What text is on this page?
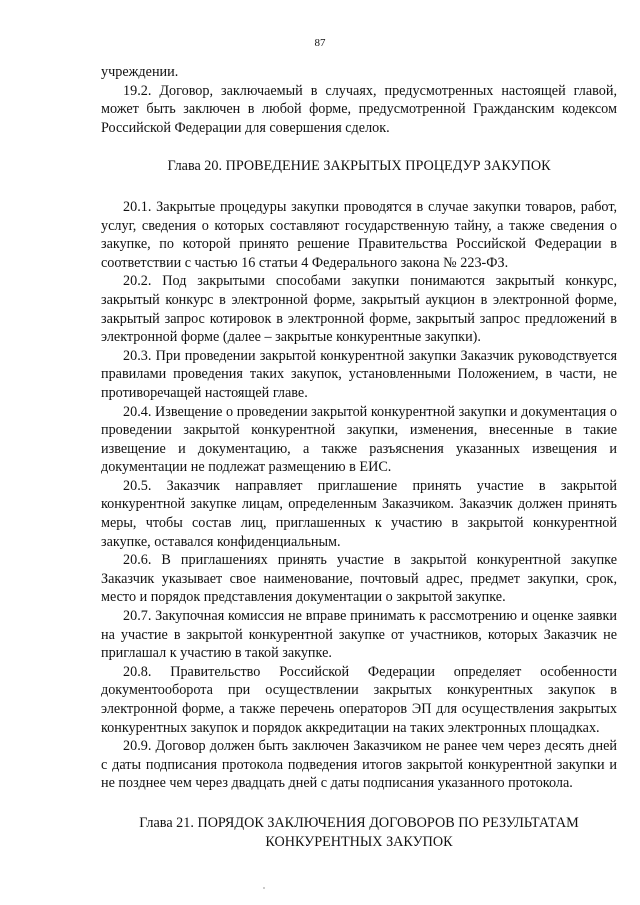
87

учреждении.

19.2. Договор, заключаемый в случаях, предусмотренных настоящей главой, может быть заключен в любой форме, предусмотренной Гражданским кодексом Российской Федерации для совершения сделок.

Глава 20. ПРОВЕДЕНИЕ ЗАКРЫТЫХ ПРОЦЕДУР ЗАКУПОК

20.1. Закрытые процедуры закупки проводятся в случае закупки товаров, работ, услуг, сведения о которых составляют государственную тайну, а также сведения о закупке, по которой принято решение Правительства Российской Федерации в соответствии с частью 16 статьи 4 Федерального закона № 223-ФЗ.

20.2. Под закрытыми способами закупки понимаются закрытый конкурс, закрытый конкурс в электронной форме, закрытый аукцион в электронной форме, закрытый запрос котировок в электронной форме, закрытый запрос предложений в электронной форме (далее – закрытые конкурентные закупки).

20.3. При проведении закрытой конкурентной закупки Заказчик руководствуется правилами проведения таких закупок, установленными Положением, в части, не противоречащей настоящей главе.

20.4. Извещение о проведении закрытой конкурентной закупки и документация о проведении закрытой конкурентной закупки, изменения, внесенные в такие извещение и документацию, а также разъяснения указанных извещения и документации не подлежат размещению в ЕИС.

20.5. Заказчик направляет приглашение принять участие в закрытой конкурентной закупке лицам, определенным Заказчиком. Заказчик должен принять меры, чтобы состав лиц, приглашенных к участию в закрытой конкурентной закупке, оставался конфиденциальным.

20.6. В приглашениях принять участие в закрытой конкурентной закупке Заказчик указывает свое наименование, почтовый адрес, предмет закупки, срок, место и порядок представления документации о закрытой закупке.

20.7. Закупочная комиссия не вправе принимать к рассмотрению и оценке заявки на участие в закрытой конкурентной закупке от участников, которых Заказчик не приглашал к участию в такой закупке.

20.8. Правительство Российской Федерации определяет особенности документооборота при осуществлении закрытых конкурентных закупок в электронной форме, а также перечень операторов ЭП для осуществления закрытых конкурентных закупок и порядок аккредитации на таких электронных площадках.

20.9. Договор должен быть заключен Заказчиком не ранее чем через десять дней с даты подписания протокола подведения итогов закрытой конкурентной закупки и не позднее чем через двадцать дней с даты подписания указанного протокола.

Глава 21. ПОРЯДОК ЗАКЛЮЧЕНИЯ ДОГОВОРОВ ПО РЕЗУЛЬТАТАМ
КОНКУРЕНТНЫХ ЗАКУПОК
